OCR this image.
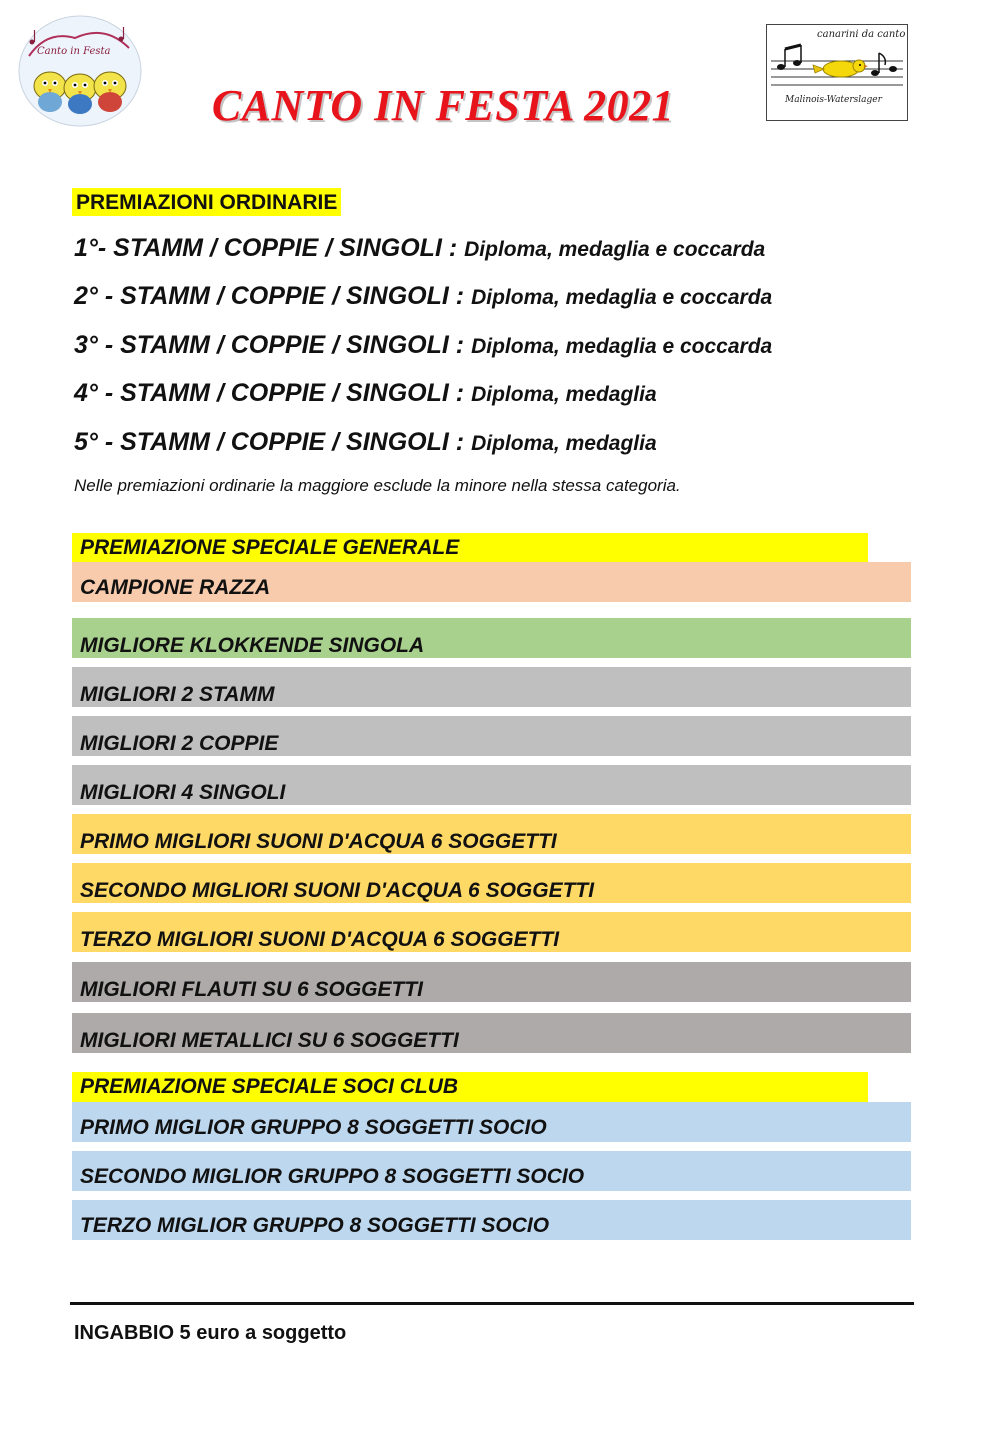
Canto in Festa
CANTO IN FESTA 2021
canarini da canto
Malinois-Waterslager
PREMIAZIONI ORDINARIE
1°- STAMM / COPPIE / SINGOLI : Diploma, medaglia e coccarda
2° - STAMM / COPPIE / SINGOLI : Diploma, medaglia e coccarda
3° - STAMM / COPPIE / SINGOLI : Diploma, medaglia e coccarda
4° - STAMM / COPPIE / SINGOLI : Diploma, medaglia
5° - STAMM / COPPIE / SINGOLI : Diploma, medaglia
Nelle premiazioni ordinarie la maggiore esclude la minore nella stessa categoria.
PREMIAZIONE SPECIALE GENERALE
CAMPIONE RAZZA
MIGLIORE KLOKKENDE SINGOLA
MIGLIORI 2 STAMM
MIGLIORI 2 COPPIE
MIGLIORI 4 SINGOLI
PRIMO MIGLIORI SUONI D'ACQUA 6 SOGGETTI
SECONDO MIGLIORI SUONI D'ACQUA 6 SOGGETTI
TERZO MIGLIORI SUONI D'ACQUA 6 SOGGETTI
MIGLIORI FLAUTI SU 6 SOGGETTI
MIGLIORI METALLICI SU 6 SOGGETTI
PREMIAZIONE SPECIALE SOCI CLUB
PRIMO MIGLIOR GRUPPO 8 SOGGETTI SOCIO
SECONDO MIGLIOR GRUPPO 8 SOGGETTI SOCIO
TERZO MIGLIOR GRUPPO 8 SOGGETTI SOCIO
INGABBIO 5 euro a soggetto
